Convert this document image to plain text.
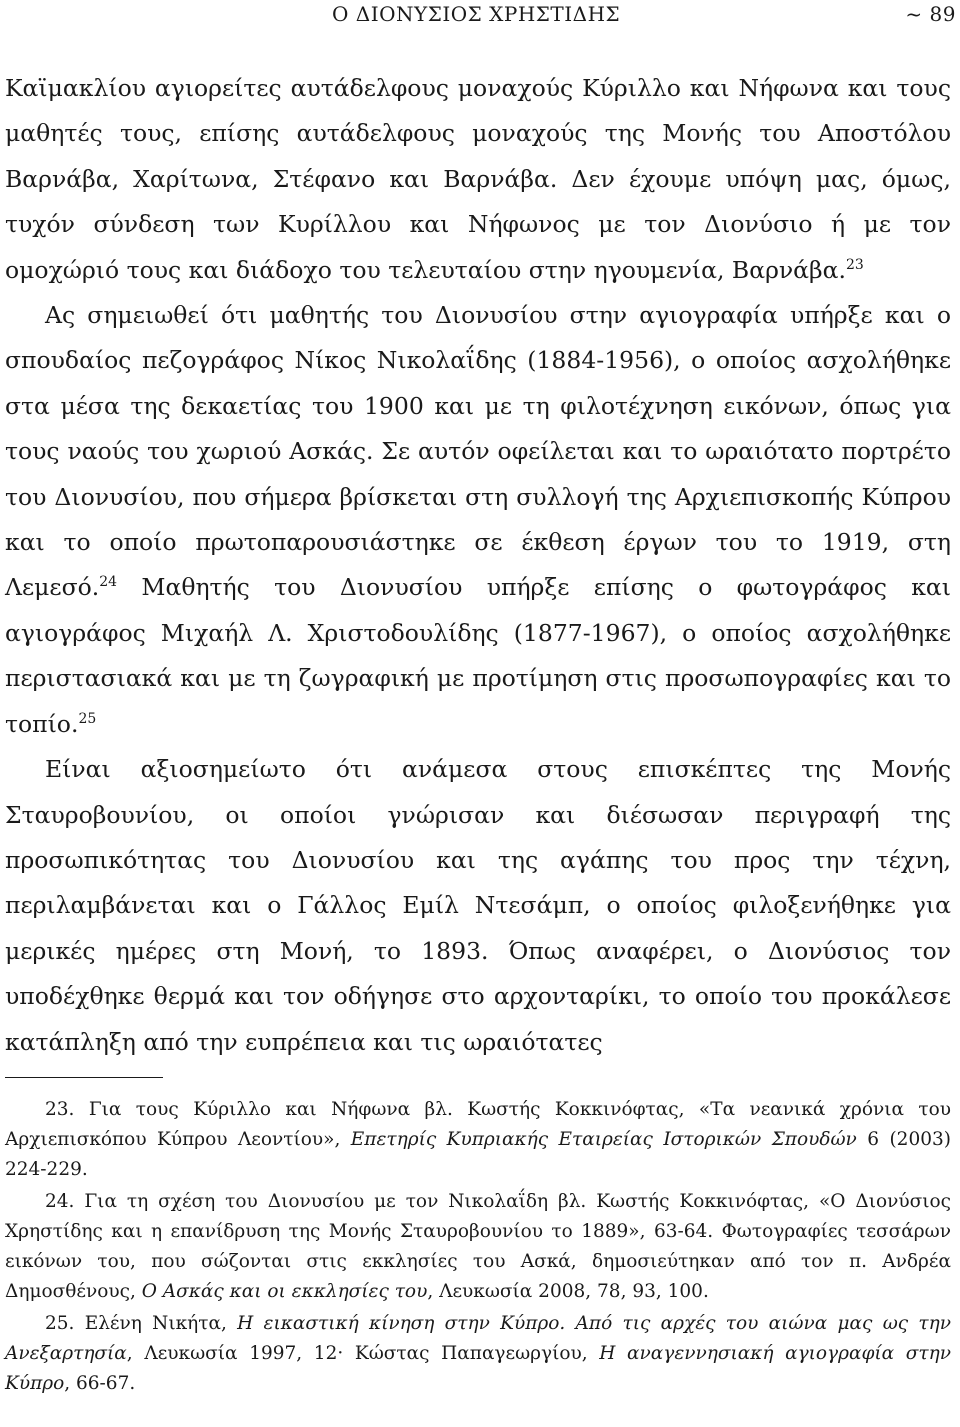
Ο ΔΙΟΝΥΣΙΟΣ ΧΡΗΣΤΙΔΗΣ	~ 89

Καϊμακλίου αγιορείτες αυτάδελφους μοναχούς Κύριλλο και Νήφωνα και τους μαθητές τους, επίσης αυτάδελφους μοναχούς της Μονής του Αποστόλου Βαρνάβα, Χαρίτωνα, Στέφανο και Βαρνάβα. Δεν έχουμε υπόψη μας, όμως, τυχόν σύνδεση των Κυρίλλου και Νήφωνος με τον Διονύσιο ή με τον ομοχώριό τους και διάδοχο του τελευταίου στην ηγουμενία, Βαρνάβα.$^{23}$

Ας σημειωθεί ότι μαθητής του Διονυσίου στην αγιογραφία υπήρξε και ο σπουδαίος πεζογράφος Νίκος Νικολαΐδης (1884-1956), ο οποίος ασχολήθηκε στα μέσα της δεκαετίας του 1900 και με τη φιλοτέχνηση εικόνων, όπως για τους ναούς του χωριού Ασκάς. Σε αυτόν οφείλεται και το ωραιότατο πορτρέτο του Διονυσίου, που σήμερα βρίσκεται στη συλλογή της Αρχιεπισκοπής Κύπρου και το οποίο πρωτοπαρουσιάστηκε σε έκθεση έργων του το 1919, στη Λεμεσό.$^{24}$ Μαθητής του Διονυσίου υπήρξε επίσης ο φωτογράφος και αγιογράφος Μιχαήλ Λ. Χριστοδουλίδης (1877-1967), ο οποίος ασχολήθηκε περιστασιακά και με τη ζωγραφική με προτίμηση στις προσωπογραφίες και το τοπίο.$^{25}$

Είναι αξιοσημείωτο ότι ανάμεσα στους επισκέπτες της Μονής Σταυροβουνίου, οι οποίοι γνώρισαν και διέσωσαν περιγραφή της προσωπικότητας του Διονυσίου και της αγάπης του προς την τέχνη, περιλαμβάνεται και ο Γάλλος Εμίλ Ντεσάμπ, ο οποίος φιλοξενήθηκε για μερικές ημέρες στη Μονή, το 1893. Όπως αναφέρει, ο Διονύσιος τον υποδέχθηκε θερμά και τον οδήγησε στο αρχονταρίκι, το οποίο του προκάλεσε κατάπληξη από την ευπρέπεια και τις ωραιότατες

23. Για τους Κύριλλο και Νήφωνα βλ. Κωστής Κοκκινόφτας, «Τα νεανικά χρόνια του Αρχιεπισκόπου Κύπρου Λεοντίου», Επετηρίς Κυπριακής Εταιρείας Ιστορικών Σπουδών 6 (2003) 224-229.

24. Για τη σχέση του Διονυσίου με τον Νικολαΐδη βλ. Κωστής Κοκκινόφτας, «Ο Διονύσιος Χρηστίδης και η επανίδρυση της Μονής Σταυροβουνίου το 1889», 63-64. Φωτογραφίες τεσσάρων εικόνων του, που σώζονται στις εκκλησίες του Ασκά, δημοσιεύτηκαν από τον π. Ανδρέα Δημοσθένους, Ο Ασκάς και οι εκκλησίες του, Λευκωσία 2008, 78, 93, 100.

25. Ελένη Νικήτα, Η εικαστική κίνηση στην Κύπρο. Από τις αρχές του αιώνα μας ως την Ανεξαρτησία, Λευκωσία 1997, 12· Κώστας Παπαγεωργίου, Η αναγεννησιακή αγιογραφία στην Κύπρο, 66-67.
